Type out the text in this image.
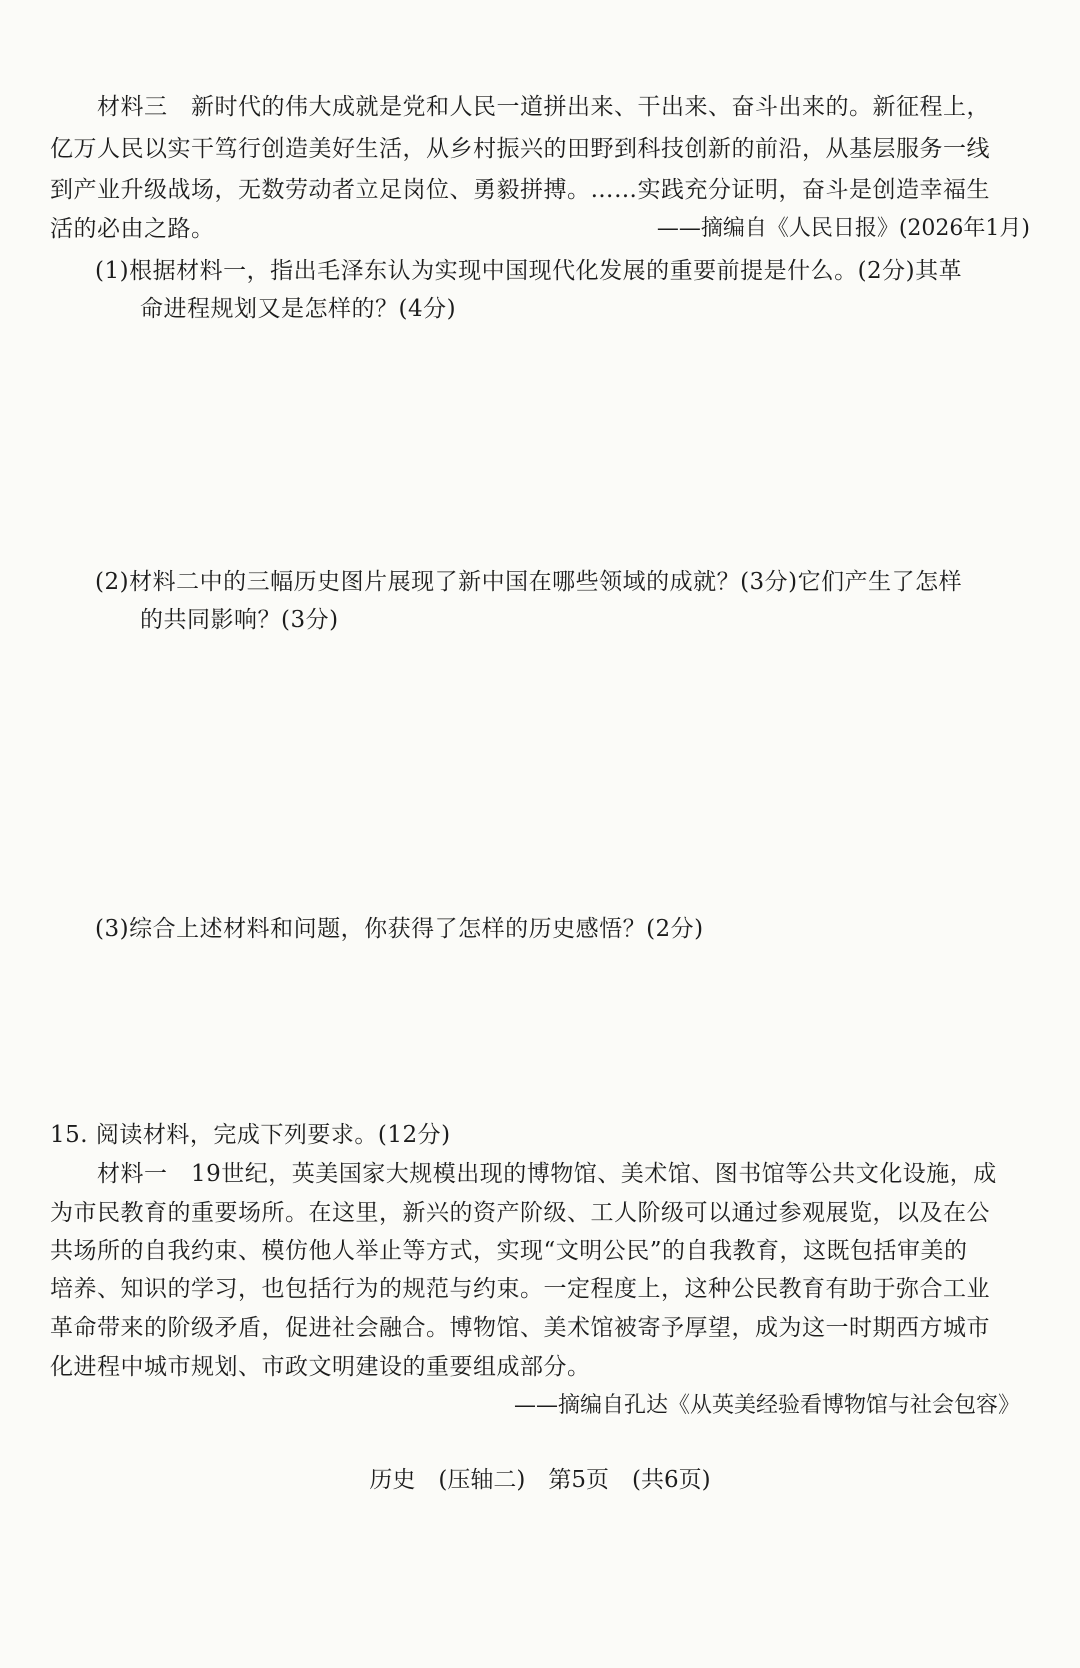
材料三　新时代的伟大成就是党和人民一道拼出来、干出来、奋斗出来的。新征程上，
亿万人民以实干笃行创造美好生活，从乡村振兴的田野到科技创新的前沿，从基层服务一线
到产业升级战场，无数劳动者立足岗位、勇毅拼搏。……实践充分证明，奋斗是创造幸福生
活的必由之路。	——摘编自《人民日报》(2026年1月)
(1)根据材料一，指出毛泽东认为实现中国现代化发展的重要前提是什么。(2分)其革
命进程规划又是怎样的？(4分)
(2)材料二中的三幅历史图片展现了新中国在哪些领域的成就？(3分)它们产生了怎样
的共同影响？(3分)
(3)综合上述材料和问题，你获得了怎样的历史感悟？(2分)
15. 阅读材料，完成下列要求。(12分)
材料一　19世纪，英美国家大规模出现的博物馆、美术馆、图书馆等公共文化设施，成
为市民教育的重要场所。在这里，新兴的资产阶级、工人阶级可以通过参观展览，以及在公
共场所的自我约束、模仿他人举止等方式，实现“文明公民”的自我教育，这既包括审美的
培养、知识的学习，也包括行为的规范与约束。一定程度上，这种公民教育有助于弥合工业
革命带来的阶级矛盾，促进社会融合。博物馆、美术馆被寄予厚望，成为这一时期西方城市
化进程中城市规划、市政文明建设的重要组成部分。
——摘编自孔达《从英美经验看博物馆与社会包容》
历史　(压轴二)　第5页　(共6页)
